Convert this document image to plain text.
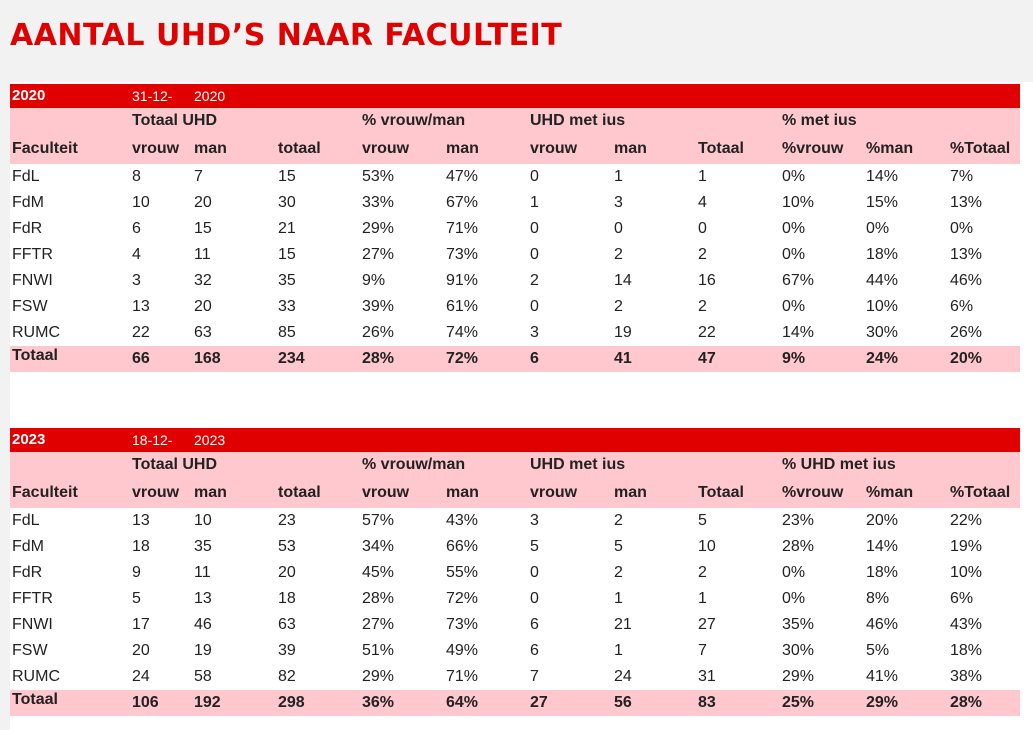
AANTAL UHD’S NAAR FACULTEIT
2020	31-12-	2020									
	Totaal UHD			% vrouw/man		UHD met ius			% met ius		
Faculteit	vrouw	man	totaal	vrouw	man	vrouw	man	Totaal	%vrouw	%man	%Totaal
FdL	8	7	15	53%	47%	0	1	1	0%	14%	7%
FdM	10	20	30	33%	67%	1	3	4	10%	15%	13%
FdR	6	15	21	29%	71%	0	0	0	0%	0%	0%
FFTR	4	11	15	27%	73%	0	2	2	0%	18%	13%
FNWI	3	32	35	9%	91%	2	14	16	67%	44%	46%
FSW	13	20	33	39%	61%	0	2	2	0%	10%	6%
RUMC	22	63	85	26%	74%	3	19	22	14%	30%	26%
Totaal	66	168	234	28%	72%	6	41	47	9%	24%	20%
2023	18-12-	2023									
	Totaal UHD			% vrouw/man		UHD met ius			% UHD met ius		
Faculteit	vrouw	man	totaal	vrouw	man	vrouw	man	Totaal	%vrouw	%man	%Totaal
FdL	13	10	23	57%	43%	3	2	5	23%	20%	22%
FdM	18	35	53	34%	66%	5	5	10	28%	14%	19%
FdR	9	11	20	45%	55%	0	2	2	0%	18%	10%
FFTR	5	13	18	28%	72%	0	1	1	0%	8%	6%
FNWI	17	46	63	27%	73%	6	21	27	35%	46%	43%
FSW	20	19	39	51%	49%	6	1	7	30%	5%	18%
RUMC	24	58	82	29%	71%	7	24	31	29%	41%	38%
Totaal	106	192	298	36%	64%	27	56	83	25%	29%	28%
